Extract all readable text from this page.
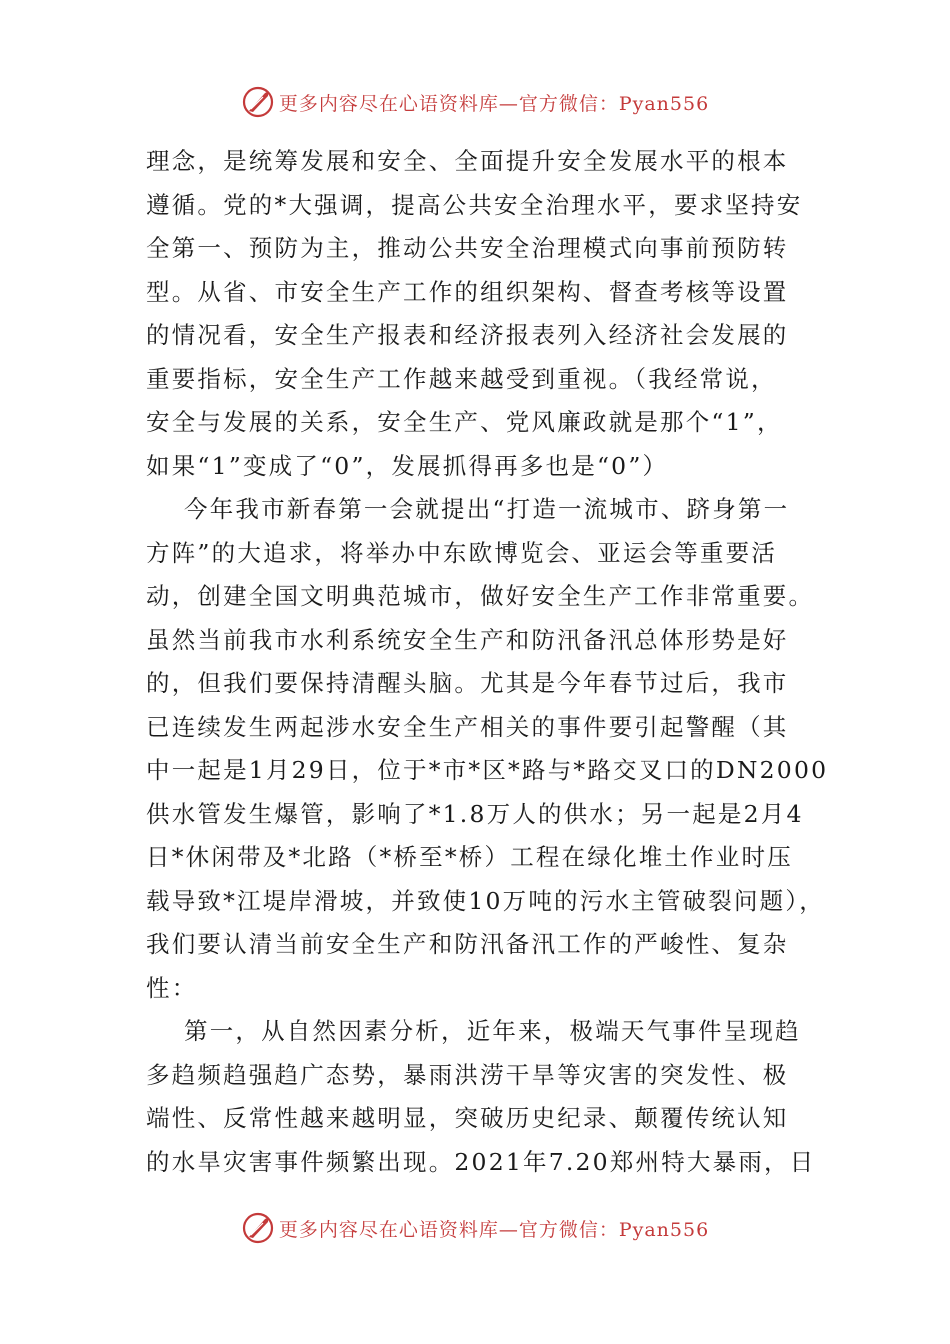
更多内容尽在心语资料库—官方微信：Pyan556

理念，是统筹发展和安全、全面提升安全发展水平的根本
遵循。党的*大强调，提高公共安全治理水平，要求坚持安
全第一、预防为主，推动公共安全治理模式向事前预防转
型。从省、市安全生产工作的组织架构、督查考核等设置
的情况看，安全生产报表和经济报表列入经济社会发展的
重要指标，安全生产工作越来越受到重视。（我经常说，
安全与发展的关系，安全生产、党风廉政就是那个“1”，
如果“1”变成了“0”，发展抓得再多也是“0”）

今年我市新春第一会就提出“打造一流城市、跻身第一
方阵”的大追求，将举办中东欧博览会、亚运会等重要活
动，创建全国文明典范城市，做好安全生产工作非常重要。
虽然当前我市水利系统安全生产和防汛备汛总体形势是好
的，但我们要保持清醒头脑。尤其是今年春节过后，我市
已连续发生两起涉水安全生产相关的事件要引起警醒（其
中一起是1月29日，位于*市*区*路与*路交叉口的DN2000
供水管发生爆管，影响了*1.8万人的供水；另一起是2月4
日*休闲带及*北路（*桥至*桥）工程在绿化堆土作业时压
载导致*江堤岸滑坡，并致使10万吨的污水主管破裂问题），
我们要认清当前安全生产和防汛备汛工作的严峻性、复杂
性：

第一，从自然因素分析，近年来，极端天气事件呈现趋
多趋频趋强趋广态势，暴雨洪涝干旱等灾害的突发性、极
端性、反常性越来越明显，突破历史纪录、颠覆传统认知
的水旱灾害事件频繁出现。2021年7.20郑州特大暴雨，日

更多内容尽在心语资料库—官方微信：Pyan556
